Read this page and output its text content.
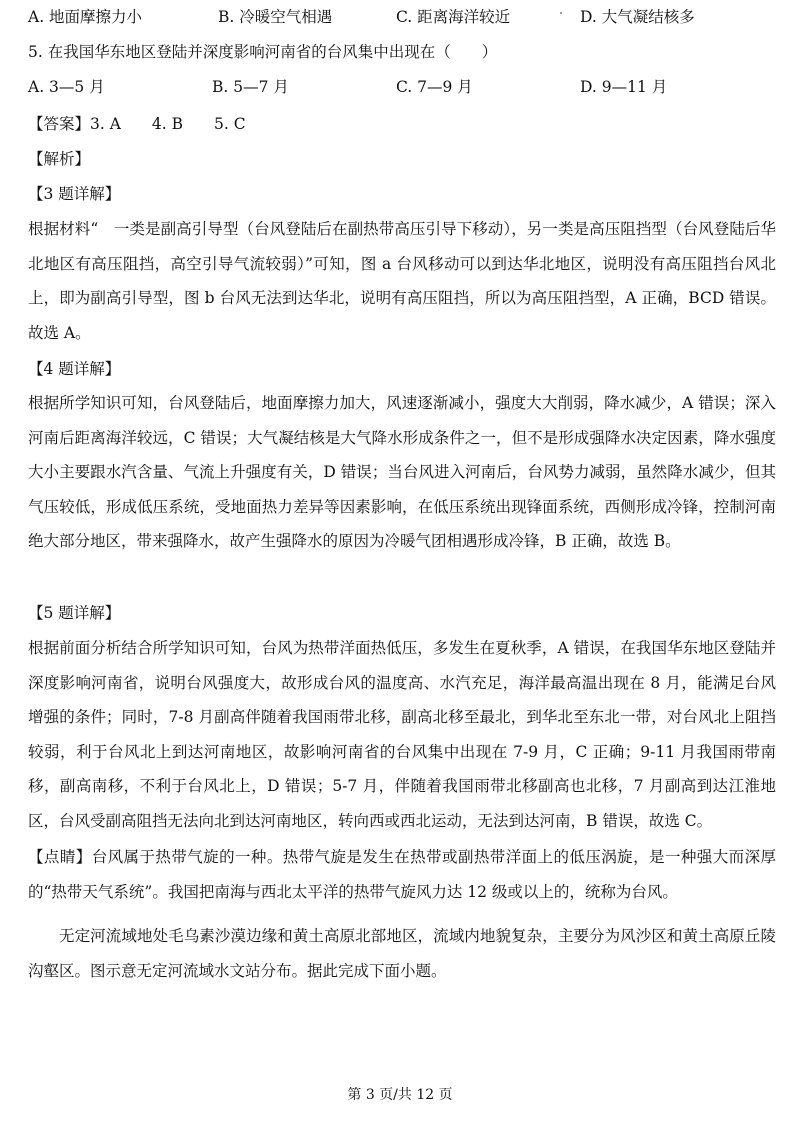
A. 地面摩擦力小	B. 冷暖空气相遇	C. 距离海洋较近	D. 大气凝结核多
5. 在我国华东地区登陆并深度影响河南省的台风集中出现在（　　）
A. 3—5 月	B. 5—7 月	C. 7—9 月	D. 9—11 月
【答案】3. A　　4. B　　5. C
【解析】
【3 题详解】

根据材料“　一类是副高引导型（台风登陆后在副热带高压引导下移动），另一类是高压阻挡型（台风登陆后华北地区有高压阻挡，高空引导气流较弱）”可知，图 a 台风移动可以到达华北地区，说明没有高压阻挡台风北上，即为副高引导型，图 b 台风无法到达华北，说明有高压阻挡，所以为高压阻挡型，A 正确，BCD 错误。故选 A。

【4 题详解】

根据所学知识可知，台风登陆后，地面摩擦力加大，风速逐渐减小，强度大大削弱，降水减少，A 错误；深入河南后距离海洋较远，C 错误；大气凝结核是大气降水形成条件之一，但不是形成强降水决定因素，降水强度大小主要跟水汽含量、气流上升强度有关，D 错误；当台风进入河南后，台风势力减弱，虽然降水减少，但其气压较低，形成低压系统，受地面热力差异等因素影响，在低压系统出现锋面系统，西侧形成冷锋，控制河南绝大部分地区，带来强降水，故产生强降水的原因为冷暖气团相遇形成冷锋，B 正确，故选 B。

【5 题详解】

根据前面分析结合所学知识可知，台风为热带洋面热低压，多发生在夏秋季，A 错误，在我国华东地区登陆并深度影响河南省，说明台风强度大，故形成台风的温度高、水汽充足，海洋最高温出现在 8 月，能满足台风增强的条件；同时，7-8 月副高伴随着我国雨带北移，副高北移至最北，到华北至东北一带，对台风北上阻挡较弱，利于台风北上到达河南地区，故影响河南省的台风集中出现在 7-9 月，C 正确；9-11 月我国雨带南移，副高南移，不利于台风北上，D 错误；5-7 月，伴随着我国雨带北移副高也北移，7 月副高到达江淮地区，台风受副高阻挡无法向北到达河南地区，转向西或西北运动，无法到达河南，B 错误，故选 C。

【点睛】台风属于热带气旋的一种。热带气旋是发生在热带或副热带洋面上的低压涡旋，是一种强大而深厚的“热带天气系统”。我国把南海与西北太平洋的热带气旋风力达 12 级或以上的，统称为台风。

无定河流域地处毛乌素沙漠边缘和黄土高原北部地区，流域内地貌复杂，主要分为风沙区和黄土高原丘陵沟壑区。图示意无定河流域水文站分布。据此完成下面小题。

第 3 页/共 12 页
